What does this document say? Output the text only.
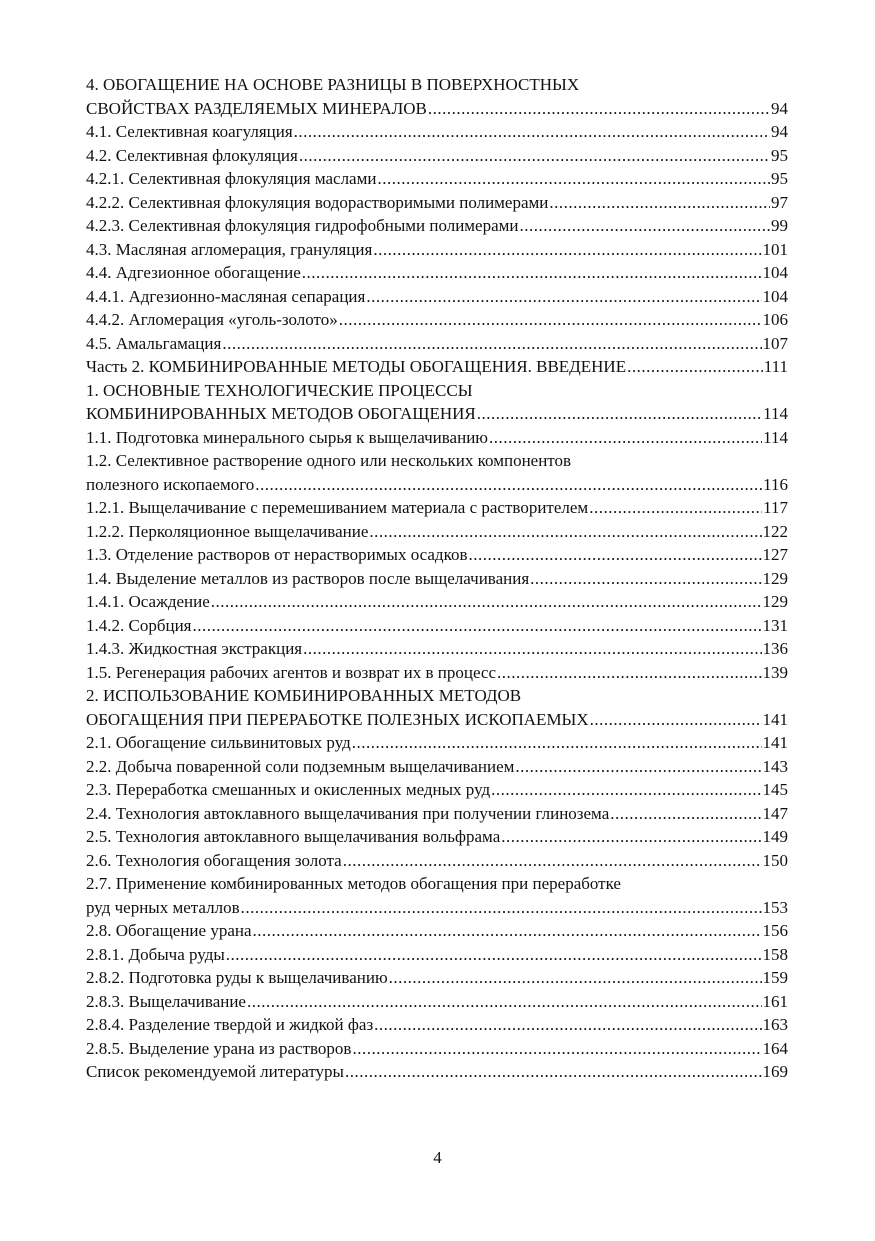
4. ОБОГАЩЕНИЕ НА ОСНОВЕ РАЗНИЦЫ В ПОВЕРХНОСТНЫХ
СВОЙСТВАХ РАЗДЕЛЯЕМЫХ МИНЕРАЛОВ .....	94
4.1. Селективная коагуляция .....	94
4.2. Селективная флокуляция .....	95
4.2.1. Селективная флокуляция маслами .....	95
4.2.2. Селективная флокуляция водорастворимыми полимерами .....	97
4.2.3. Селективная флокуляция гидрофобными полимерами .....	99
4.3. Масляная агломерация, грануляция .....	101
4.4. Адгезионное обогащение .....	104
4.4.1. Адгезионно-масляная сепарация .....	104
4.4.2. Агломерация «уголь-золото» .....	106
4.5. Амальгамация .....	107
Часть 2. КОМБИНИРОВАННЫЕ МЕТОДЫ ОБОГАЩЕНИЯ. ВВЕДЕНИЕ .....	111
1. ОСНОВНЫЕ ТЕХНОЛОГИЧЕСКИЕ ПРОЦЕССЫ
КОМБИНИРОВАННЫХ МЕТОДОВ ОБОГАЩЕНИЯ .....	114
1.1. Подготовка минерального сырья к выщелачиванию .....	114
1.2. Селективное растворение одного или нескольких компонентов
полезного ископаемого .....	116
1.2.1. Выщелачивание с перемешиванием материала с растворителем .....	117
1.2.2. Перколяционное выщелачивание .....	122
1.3. Отделение растворов от нерастворимых осадков .....	127
1.4. Выделение металлов из растворов после выщелачивания .....	129
1.4.1. Осаждение .....	129
1.4.2. Сорбция .....	131
1.4.3. Жидкостная экстракция .....	136
1.5. Регенерация рабочих агентов и возврат их в процесс .....	139
2. ИСПОЛЬЗОВАНИЕ КОМБИНИРОВАННЫХ МЕТОДОВ
ОБОГАЩЕНИЯ ПРИ ПЕРЕРАБОТКЕ ПОЛЕЗНЫХ ИСКОПАЕМЫХ .....	141
2.1. Обогащение сильвинитовых руд .....	141
2.2. Добыча поваренной соли подземным выщелачиванием .....	143
2.3. Переработка смешанных и окисленных медных руд .....	145
2.4. Технология автоклавного выщелачивания при получении глинозема .....	147
2.5. Технология автоклавного выщелачивания вольфрама .....	149
2.6. Технология обогащения золота .....	150
2.7. Применение комбинированных методов обогащения при переработке
руд черных металлов .....	153
2.8. Обогащение урана .....	156
2.8.1. Добыча руды .....	158
2.8.2. Подготовка руды к выщелачиванию .....	159
2.8.3. Выщелачивание .....	161
2.8.4. Разделение твердой и жидкой фаз .....	163
2.8.5. Выделение урана из растворов .....	164
Список рекомендуемой литературы .....	169
4
